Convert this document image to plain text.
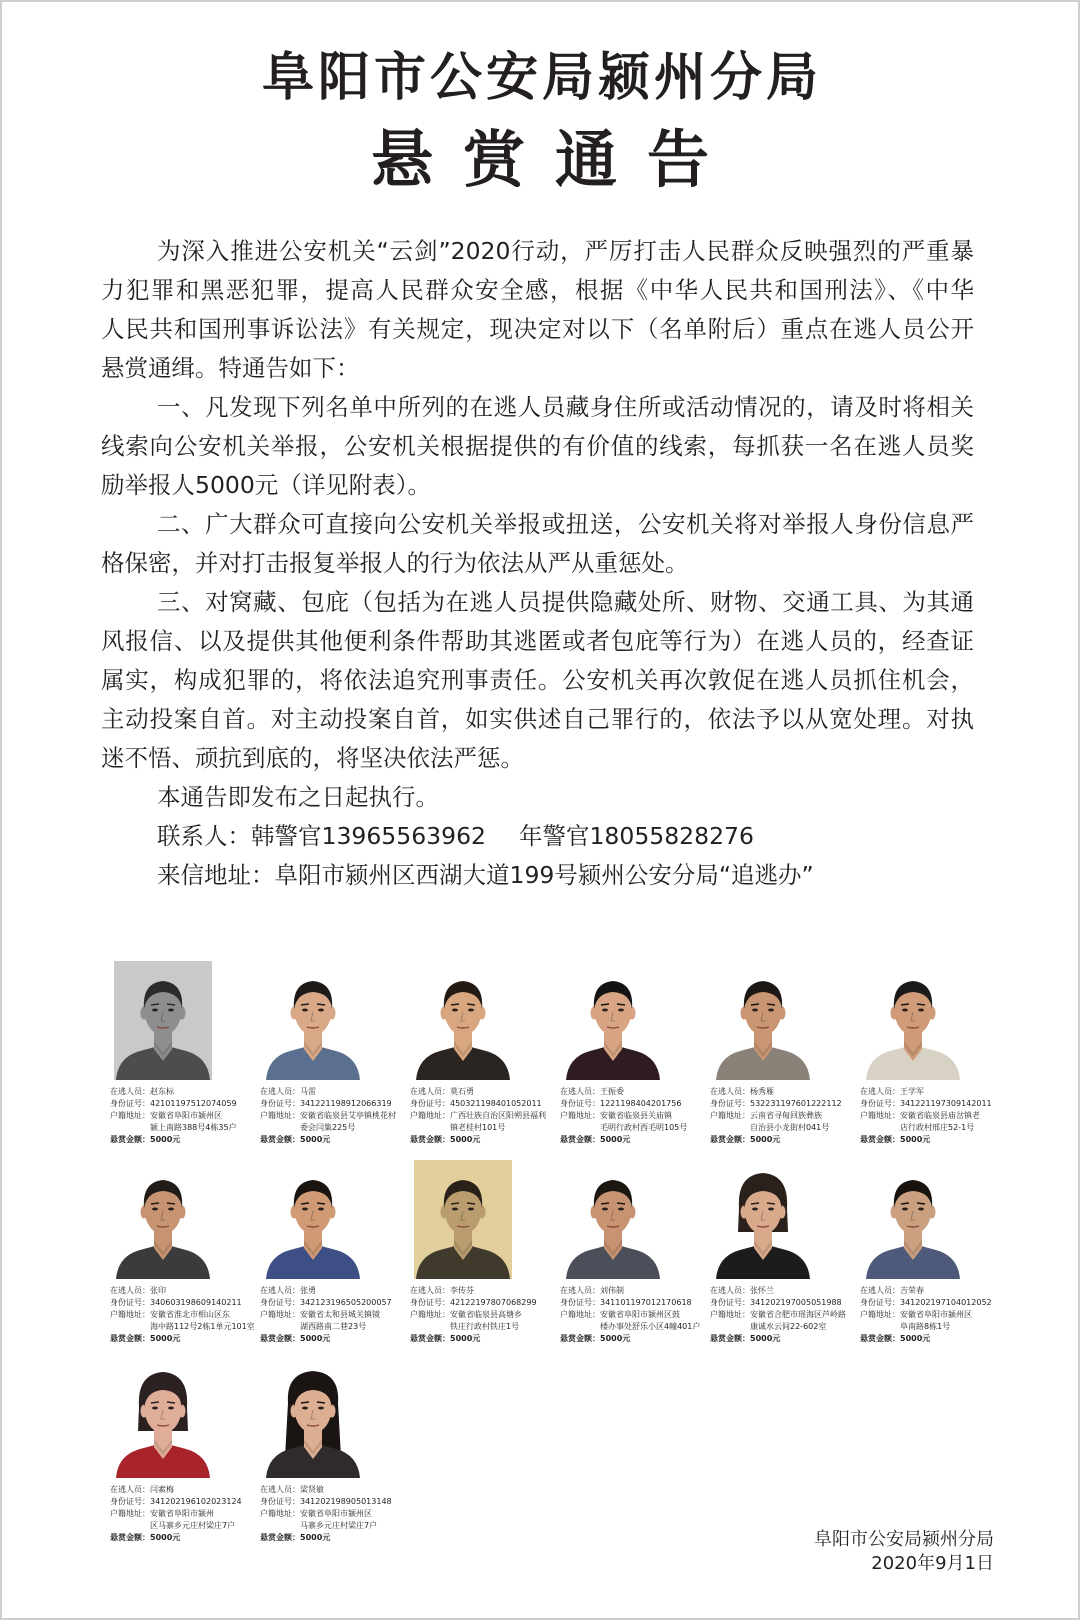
阜阳市公安局颍州分局
悬赏通告
为深入推进公安机关“云剑”2020行动，严厉打击人民群众反映强烈的严重暴
力犯罪和黑恶犯罪，提高人民群众安全感，根据《中华人民共和国刑法》、《中华
人民共和国刑事诉讼法》有关规定，现决定对以下（名单附后）重点在逃人员公开
悬赏通缉。特通告如下：
一、凡发现下列名单中所列的在逃人员藏身住所或活动情况的，请及时将相关
线索向公安机关举报，公安机关根据提供的有价值的线索，每抓获一名在逃人员奖
励举报人5000元（详见附表）。
二、广大群众可直接向公安机关举报或扭送，公安机关将对举报人身份信息严
格保密，并对打击报复举报人的行为依法从严从重惩处。
三、对窝藏、包庇（包括为在逃人员提供隐藏处所、财物、交通工具、为其通
风报信、以及提供其他便利条件帮助其逃匿或者包庇等行为）在逃人员的，经查证
属实，构成犯罪的，将依法追究刑事责任。公安机关再次敦促在逃人员抓住机会，
主动投案自首。对主动投案自首，如实供述自己罪行的，依法予以从宽处理。对执
迷不悟、顽抗到底的，将坚决依法严惩。
本通告即发布之日起执行。
联系人：韩警官13965563962 年警官18055828276
来信地址：阜阳市颍州区西湖大道199号颍州公安分局“追逃办”
在逃人员：赵东标
身份证号：42101197512074059
户籍地址：安徽省阜阳市颍州区
颍上南路388号4栋35户
悬赏金额：5000元
在逃人员：马雷
身份证号：341221198912066319
户籍地址：安徽省临泉县艾亭镇桃花村
委会闫集225号
悬赏金额：5000元
在逃人员：莫石勇
身份证号：450321198401052011
户籍地址：广西壮族自治区阳朔县福利
镇老桂村101号
悬赏金额：5000元
在逃人员：王振委
身份证号：1221198404201756
户籍地址：安徽省临泉县关庙镇
毛明行政村西毛明105号
悬赏金额：5000元
在逃人员：杨秀雁
身份证号：532231197601222112
户籍地址：云南省寻甸回族彝族
自治县小龙街村041号
悬赏金额：5000元
在逃人员：王学军
身份证号：341221197309142011
户籍地址：安徽省临泉县庙岔镇老
店行政村邢庄52-1号
悬赏金额：5000元
在逃人员：张印
身份证号：340603198609140211
户籍地址：安徽省淮北市相山区东
海中路112号2栋1单元101室
悬赏金额：5000元
在逃人员：张勇
身份证号：342123196505200057
户籍地址：安徽省太和县城关镇镜
湖西路南二巷23号
悬赏金额：5000元
在逃人员：李传芬
身份证号：42122197807068299
户籍地址：安徽省临泉县高塘乡
铁庄行政村铁庄1号
悬赏金额：5000元
在逃人员：刘伟制
身份证号：341101197012170618
户籍地址：安徽省阜阳市颍州区鼓
楼办事处舒乐小区4幢401户
悬赏金额：5000元
在逃人员：张怀兰
身份证号：341202197005051988
户籍地址：安徽省合肥市瑶海区芦岭路
康诚水云间22-602室
悬赏金额：5000元
在逃人员：吉荣春
身份证号：341202197104012052
户籍地址：安徽省阜阳市颍州区
阜南路8栋1号
悬赏金额：5000元
在逃人员：闫素梅
身份证号：341202196102023124
户籍地址：安徽省阜阳市颍州
区马寨乡元庄村梁庄7户
悬赏金额：5000元
在逃人员：梁贤敏
身份证号：341202198905013148
户籍地址：安徽省阜阳市颍州区
马寨乡元庄村梁庄7户
悬赏金额：5000元	阜阳市公安局颍州分局
2020年9月1日
